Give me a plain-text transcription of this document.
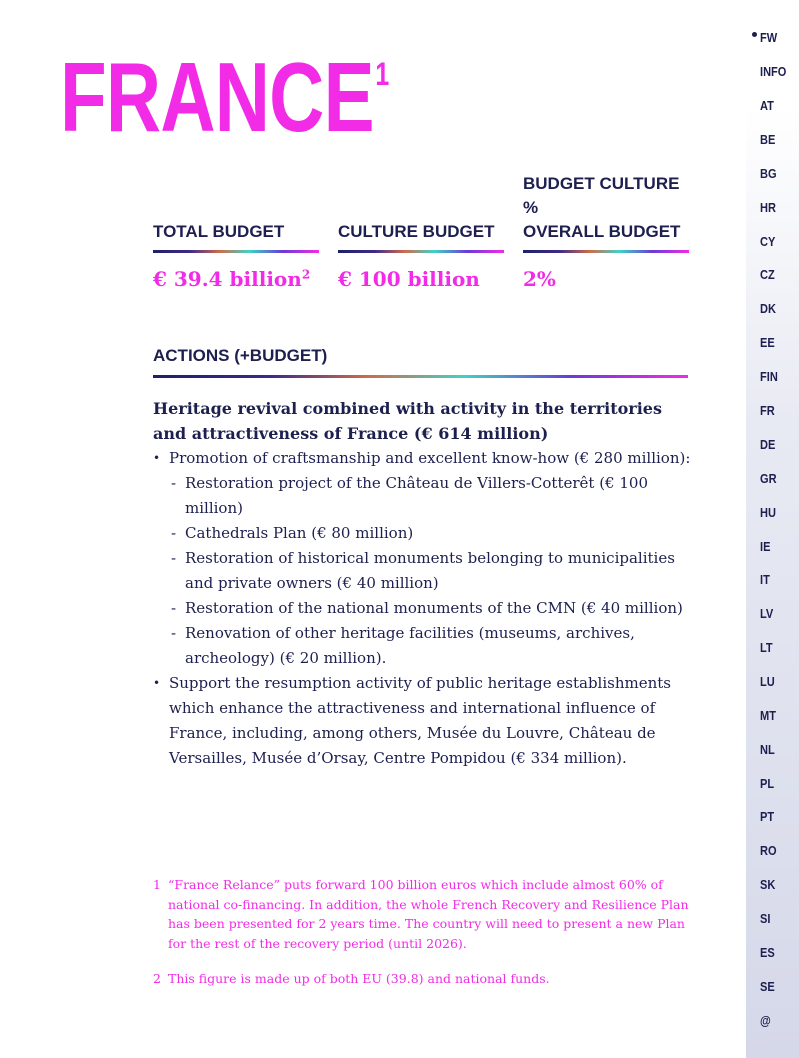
FRANCE$^1$
TOTAL BUDGET
€ 39.4 billion$^2$
CULTURE BUDGET
€ 100 billion
BUDGET CULTURE %
OVERALL BUDGET
2%
ACTIONS (+BUDGET)
Heritage revival combined with activity in the territories and attractiveness of France (€ 614 million)
• Promotion of craftsmanship and excellent know-how (€ 280 million):
- Restoration project of the Château de Villers-Cotterêt (€ 100 million)
- Cathedrals Plan (€ 80 million)
- Restoration of historical monuments belonging to municipalities and private owners (€ 40 million)
- Restoration of the national monuments of the CMN (€ 40 million)
- Renovation of other heritage facilities (museums, archives, archeology) (€ 20 million).
• Support the resumption activity of public heritage establishments which enhance the attractiveness and international influence of France, including, among others, Musée du Louvre, Château de Versailles, Musée d’Orsay, Centre Pompidou (€ 334 million).
1 “France Relance” puts forward 100 billion euros which include almost 60% of national co-financing. In addition, the whole French Recovery and Resilience Plan has been presented for 2 years time. The country will need to present a new Plan for the rest of the recovery period (until 2026).
2 This figure is made up of both EU (39.8) and national funds.
FW
INFO
AT
BE
BG
HR
CY
CZ
DK
EE
FIN
FR
DE
GR
HU
IE
IT
LV
LT
LU
MT
NL
PL
PT
RO
SK
SI
ES
SE
@
